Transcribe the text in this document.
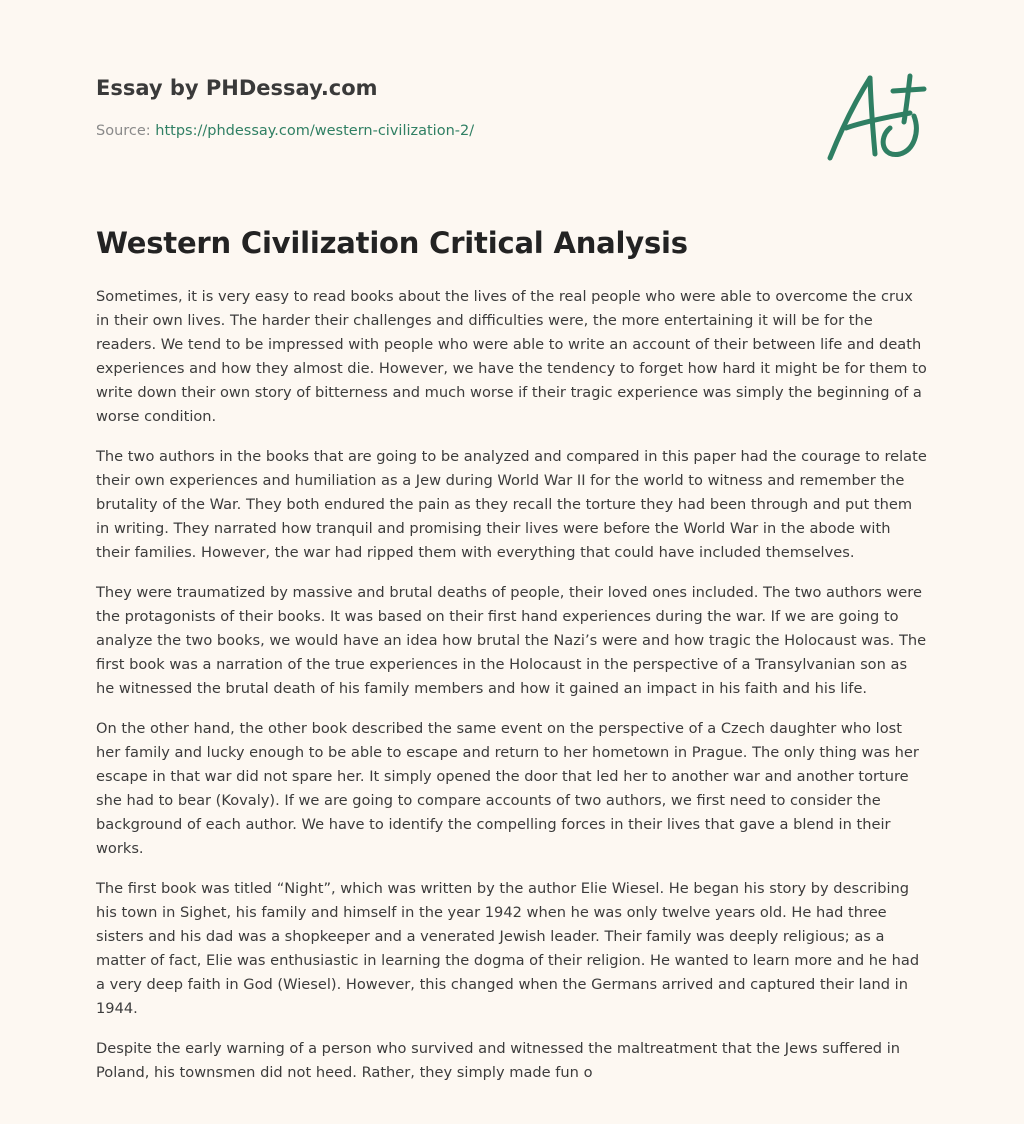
Essay by PHDessay.com
Source: https://phdessay.com/western-civilization-2/
Western Civilization Critical Analysis

Sometimes, it is very easy to read books about the lives of the real people who were able to overcome the crux in their own lives. The harder their challenges and difficulties were, the more entertaining it will be for the readers. We tend to be impressed with people who were able to write an account of their between life and death experiences and how they almost die. However, we have the tendency to forget how hard it might be for them to write down their own story of bitterness and much worse if their tragic experience was simply the beginning of a worse condition.

The two authors in the books that are going to be analyzed and compared in this paper had the courage to relate their own experiences and humiliation as a Jew during World War II for the world to witness and remember the brutality of the War. They both endured the pain as they recall the torture they had been through and put them in writing. They narrated how tranquil and promising their lives were before the World War in the abode with their families. However, the war had ripped them with everything that could have included themselves.

They were traumatized by massive and brutal deaths of people, their loved ones included. The two authors were the protagonists of their books. It was based on their first hand experiences during the war. If we are going to analyze the two books, we would have an idea how brutal the Nazi’s were and how tragic the Holocaust was. The first book was a narration of the true experiences in the Holocaust in the perspective of a Transylvanian son as he witnessed the brutal death of his family members and how it gained an impact in his faith and his life.

On the other hand, the other book described the same event on the perspective of a Czech daughter who lost her family and lucky enough to be able to escape and return to her hometown in Prague. The only thing was her escape in that war did not spare her. It simply opened the door that led her to another war and another torture she had to bear (Kovaly). If we are going to compare accounts of two authors, we first need to consider the background of each author. We have to identify the compelling forces in their lives that gave a blend in their works.

The first book was titled “Night”, which was written by the author Elie Wiesel. He began his story by describing his town in Sighet, his family and himself in the year 1942 when he was only twelve years old. He had three sisters and his dad was a shopkeeper and a venerated Jewish leader. Their family was deeply religious; as a matter of fact, Elie was enthusiastic in learning the dogma of their religion. He wanted to learn more and he had a very deep faith in God (Wiesel). However, this changed when the Germans arrived and captured their land in 1944.

Despite the early warning of a person who survived and witnessed the maltreatment that the Jews suffered in Poland, his townsmen did not heed. Rather, they simply made fun o
